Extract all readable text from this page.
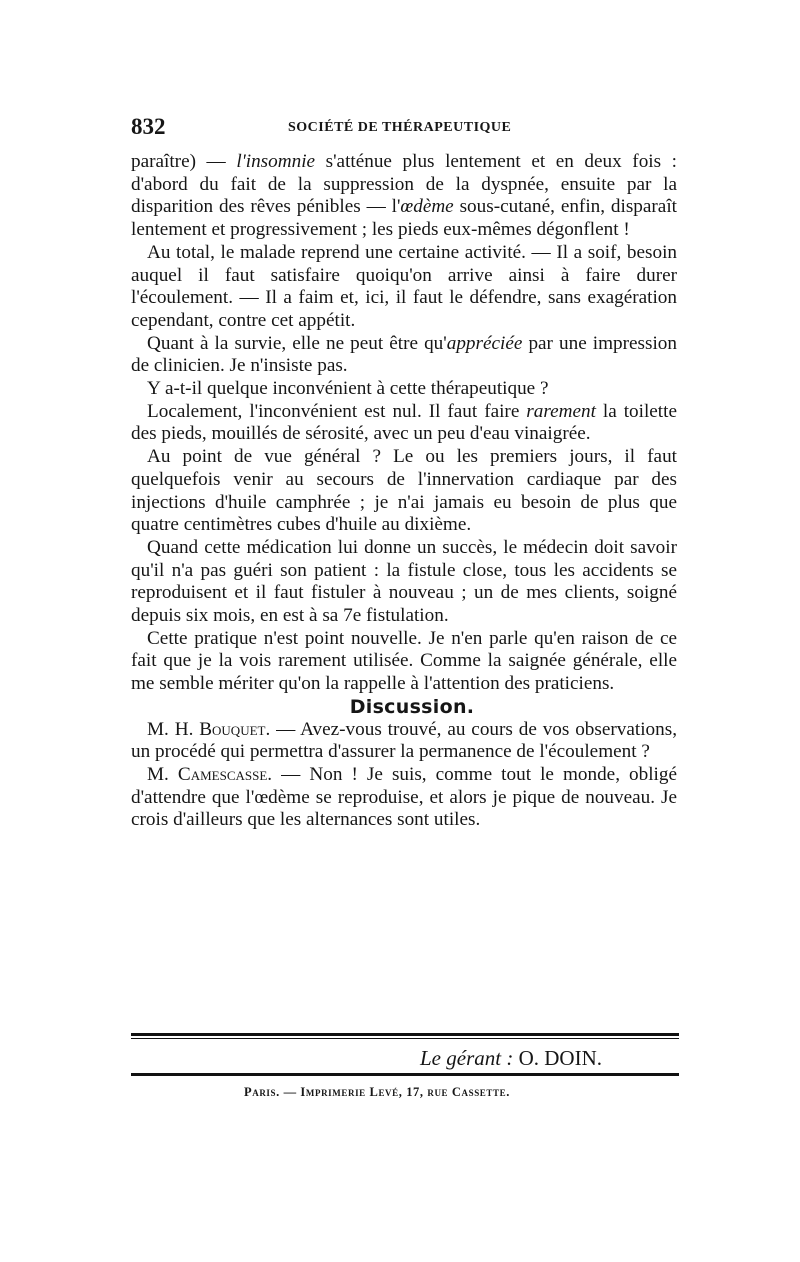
832	SOCIÉTÉ DE THÉRAPEUTIQUE

paraître) — l'insomnie s'atténue plus lentement et en deux fois : d'abord du fait de la suppression de la dyspnée, ensuite par la disparition des rêves pénibles — l'œdème sous-cutané, enfin, disparaît lentement et progressivement ; les pieds eux-mêmes dégonflent !

Au total, le malade reprend une certaine activité. — Il a soif, besoin auquel il faut satisfaire quoiqu'on arrive ainsi à faire durer l'écoulement. — Il a faim et, ici, il faut le défendre, sans exagération cependant, contre cet appétit.

Quant à la survie, elle ne peut être qu'appréciée par une impression de clinicien. Je n'insiste pas.

Y a-t-il quelque inconvénient à cette thérapeutique ?

Localement, l'inconvénient est nul. Il faut faire rarement la toilette des pieds, mouillés de sérosité, avec un peu d'eau vinaigrée.

Au point de vue général ? Le ou les premiers jours, il faut quelquefois venir au secours de l'innervation cardiaque par des injections d'huile camphrée ; je n'ai jamais eu besoin de plus que quatre centimètres cubes d'huile au dixième.

Quand cette médication lui donne un succès, le médecin doit savoir qu'il n'a pas guéri son patient : la fistule close, tous les accidents se reproduisent et il faut fistuler à nouveau ; un de mes clients, soigné depuis six mois, en est à sa 7e fistulation.

Cette pratique n'est point nouvelle. Je n'en parle qu'en raison de ce fait que je la vois rarement utilisée. Comme la saignée générale, elle me semble mériter qu'on la rappelle à l'attention des praticiens.

Discussion.

M. H. Bouquet. — Avez-vous trouvé, au cours de vos observations, un procédé qui permettra d'assurer la permanence de l'écoulement ?

M. Camescasse. — Non ! Je suis, comme tout le monde, obligé d'attendre que l'œdème se reproduise, et alors je pique de nouveau. Je crois d'ailleurs que les alternances sont utiles.

Le gérant : O. DOIN.
Paris. — Imprimerie Levé, 17, rue Cassette.
